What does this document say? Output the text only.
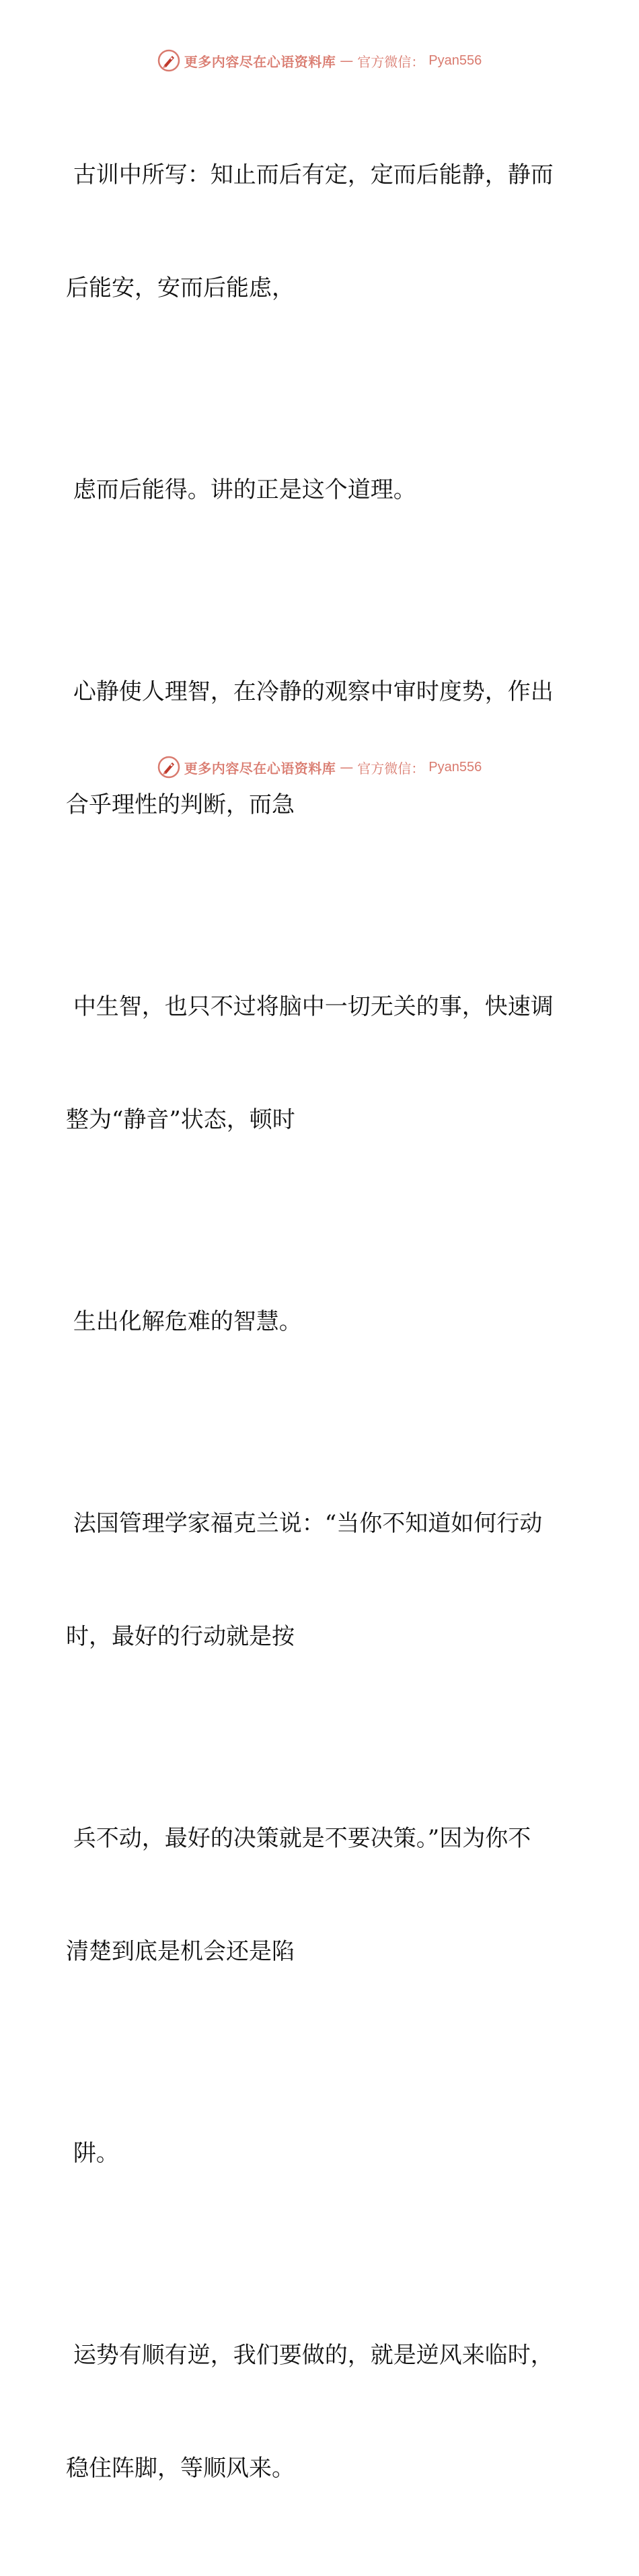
更多内容尽在心语资料库 — 官方微信： Pyan556

古训中所写：知止而后有定，定而后能静，静而

后能安，安而后能虑，

虑而后能得。讲的正是这个道理。

心静使人理智，在冷静的观察中审时度势，作出

合乎理性的判断，而急

中生智，也只不过将脑中一切无关的事，快速调

整为“静音”状态，顿时

生出化解危难的智慧。

法国管理学家福克兰说：“当你不知道如何行动

时，最好的行动就是按

兵不动，最好的决策就是不要决策。”因为你不

清楚到底是机会还是陷

阱。

运势有顺有逆，我们要做的，就是逆风来临时，

稳住阵脚，等顺风来。

更多内容尽在心语资料库 — 官方微信： Pyan556
